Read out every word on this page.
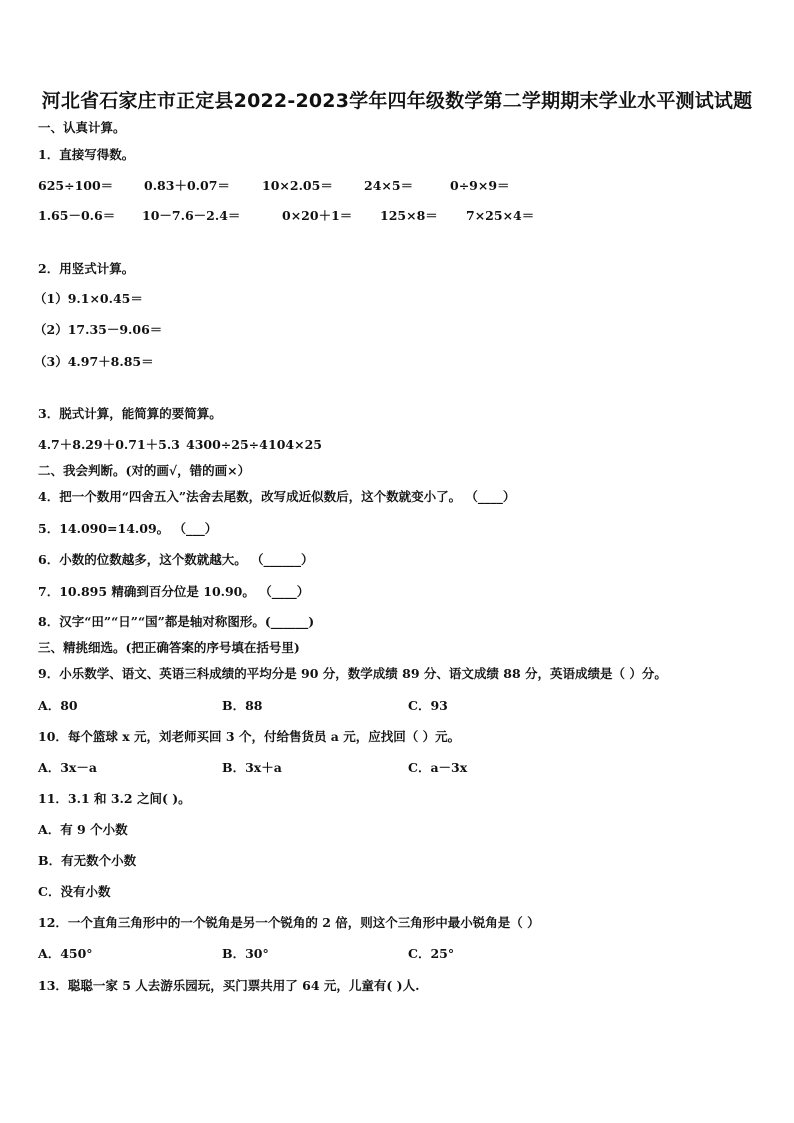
河北省石家庄市正定县2022-2023学年四年级数学第二学期期末学业水平测试试题
一、认真计算。
1．直接写得数。
625÷100＝ 0.83＋0.07＝	10×2.05＝ 24×5＝	0÷9×9＝
1.65－0.6＝ 10－7.6－2.4＝	0×20＋1＝ 125×8＝ 7×25×4＝
2．用竖式计算。
（1）9.1×0.45＝
（2）17.35－9.06＝
（3）4.97＋8.85＝
3．脱式计算，能简算的要简算。
4.7＋8.29＋0.71＋5.3 4300÷25÷4 104×25
二、我会判断。(对的画√，错的画×）
4．把一个数用“四舍五入”法舍去尾数，改写成近似数后，这个数就变小了。 （____）
5．14.090=14.09。 （___）
6．小数的位数越多，这个数就越大。 （______）
7．10.895 精确到百分位是 10.90。 （____）
8．汉字“田”“日”“国”都是轴对称图形。(______)
三、精挑细选。(把正确答案的序号填在括号里)
9．小乐数学、语文、英语三科成绩的平均分是 90 分，数学成绩 89 分、语文成绩 88 分，英语成绩是（ ）分。
A．80	B．88	C．93
10．每个篮球 x 元，刘老师买回 3 个，付给售货员 a 元，应找回（ ）元。
A．3x－a	B．3x＋a	C．a－3x
11．3.1 和 3.2 之间( )。
A．有 9 个小数
B．有无数个小数
C．没有小数
12．一个直角三角形中的一个锐角是另一个锐角的 2 倍，则这个三角形中最小锐角是（ ）
A．450°	B．30°	C．25°
13．聪聪一家 5 人去游乐园玩，买门票共用了 64 元，儿童有( )人.
